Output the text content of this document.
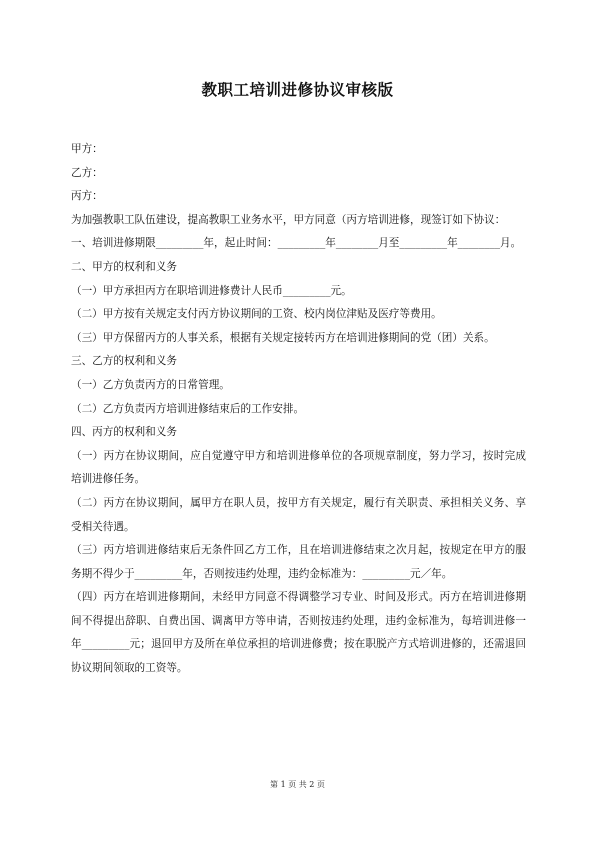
教职工培训进修协议审核版

甲方：

乙方：

丙方：

为加强教职工队伍建设，提高教职工业务水平，甲方同意（丙方培训进修，现签订如下协议：

一、培训进修期限_________年，起止时间：_________年________月至_________年________月。

二、甲方的权利和义务

（一）甲方承担丙方在职培训进修费计人民币_________元。

（二）甲方按有关规定支付丙方协议期间的工资、校内岗位津贴及医疗等费用。

（三）甲方保留丙方的人事关系，根据有关规定接转丙方在培训进修期间的党（团）关系。

三、乙方的权利和义务

（一）乙方负责丙方的日常管理。

（二）乙方负责丙方培训进修结束后的工作安排。

四、丙方的权利和义务

（一）丙方在协议期间，应自觉遵守甲方和培训进修单位的各项规章制度，努力学习，按时完成培训进修任务。

（二）丙方在协议期间，属甲方在职人员，按甲方有关规定，履行有关职责、承担相关义务、享受相关待遇。

（三）丙方培训进修结束后无条件回乙方工作，且在培训进修结束之次月起，按规定在甲方的服务期不得少于_________年，否则按违约处理，违约金标准为：_________元／年。

（四）丙方在培训进修期间，未经甲方同意不得调整学习专业、时间及形式。丙方在培训进修期间不得提出辞职、自费出国、调离甲方等申请，否则按违约处理，违约金标准为，每培训进修一年_________元；退回甲方及所在单位承担的培训进修费；按在职脱产方式培训进修的，还需退回协议期间领取的工资等。

第 1 页 共 2 页
